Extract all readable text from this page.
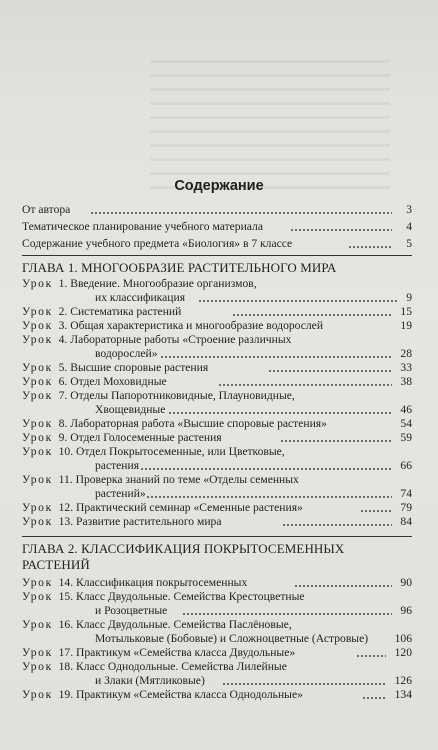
Содержание
От автора	3
Тематическое планирование учебного материала	4
Содержание учебного предмета «Биология» в 7 классе	5
ГЛАВА 1. МНОГООБРАЗИЕ РАСТИТЕЛЬНОГО МИРА
Урок 1. Введение. Многообразие организмов,
их классификация	9
Урок 2. Систематика растений	15
Урок 3. Общая характеристика и многообразие водорослей	19
Урок 4. Лабораторные работы «Строение различных
водорослей»	28
Урок 5. Высшие споровые растения	33
Урок 6. Отдел Моховидные	38
Урок 7. Отделы Папоротниковидные, Плауновидные,
Хвощевидные	46
Урок 8. Лабораторная работа «Высшие споровые растения»	54
Урок 9. Отдел Голосеменные растения	59
Урок 10. Отдел Покрытосеменные, или Цветковые,
растения	66
Урок 11. Проверка знаний по теме «Отделы семенных
растений»	74
Урок 12. Практический семинар «Семенные растения»	79
Урок 13. Развитие растительного мира	84
ГЛАВА 2. КЛАССИФИКАЦИЯ ПОКРЫТОСЕМЕННЫХ
РАСТЕНИЙ
Урок 14. Классификация покрытосеменных	90
Урок 15. Класс Двудольные. Семейства Крестоцветные
и Розоцветные	96
Урок 16. Класс Двудольные. Семейства Паслёновые,
Мотыльковые (Бобовые) и Сложноцветные (Астровые)	106
Урок 17. Практикум «Семейства класса Двудольные»	120
Урок 18. Класс Однодольные. Семейства Лилейные
и Злаки (Мятликовые)	126
Урок 19. Практикум «Семейства класса Однодольные»	134
